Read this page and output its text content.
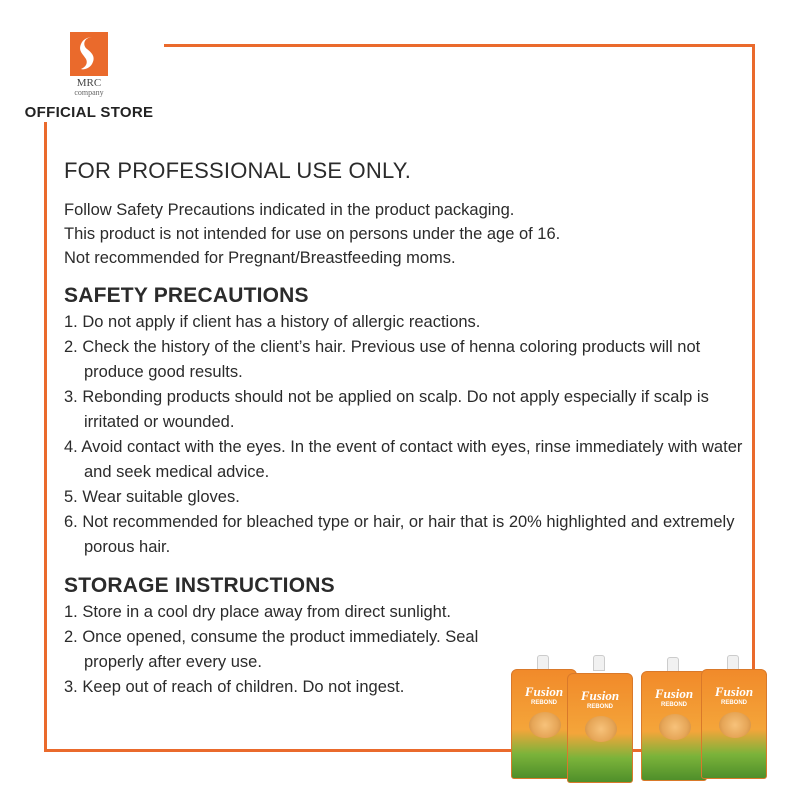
MRC
company
OFFICIAL STORE
FOR PROFESSIONAL USE ONLY.
Follow Safety Precautions indicated in the product packaging.
This product is not intended for use on persons under the age of 16.
Not recommended for Pregnant/Breastfeeding moms.
SAFETY PRECAUTIONS
1. Do not apply if client has a history of allergic reactions.
2. Check the history of the client’s hair. Previous use of henna coloring products will not produce good results.
3. Rebonding products should not be applied on scalp. Do not apply especially if scalp is irritated or wounded.
4. Avoid contact with the eyes. In the event of contact with eyes, rinse immediately with water and seek medical advice.
5. Wear suitable gloves.
6. Not recommended for bleached type or hair, or hair that is 20% highlighted and extremely porous hair.
STORAGE INSTRUCTIONS
1. Store in a cool dry place away from direct sunlight.
2. Once opened, consume the product immediately. Seal properly after every use.
3. Keep out of reach of children. Do not ingest.	Fusion
REBOND	Fusion
REBOND
Fusion
REBOND
Fusion
REBOND
